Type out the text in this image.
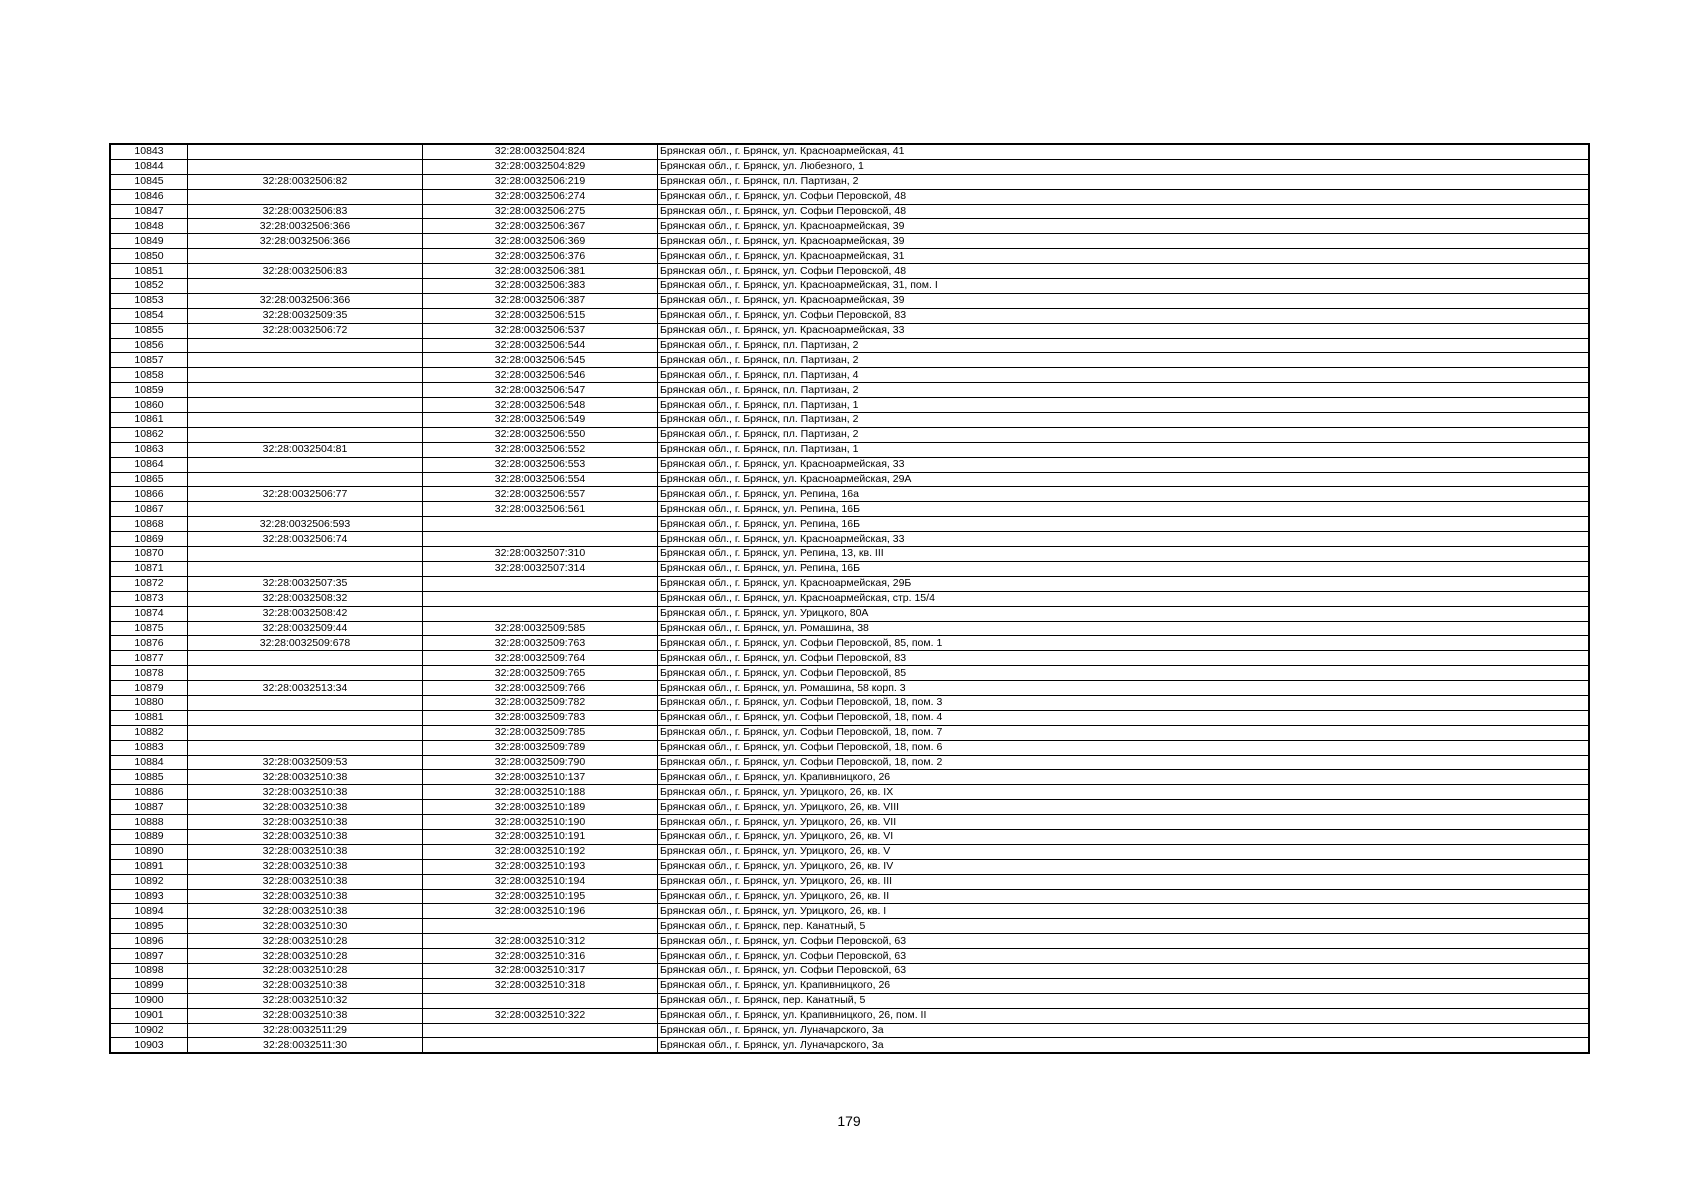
10843		32:28:0032504:824	Брянская обл., г. Брянск, ул. Красноармейская, 41
10844		32:28:0032504:829	Брянская обл., г. Брянск, ул. Любезного, 1
10845	32:28:0032506:82	32:28:0032506:219	Брянская обл., г. Брянск, пл. Партизан, 2
10846		32:28:0032506:274	Брянская обл., г. Брянск, ул. Софьи Перовской, 48
10847	32:28:0032506:83	32:28:0032506:275	Брянская обл., г. Брянск, ул. Софьи Перовской, 48
10848	32:28:0032506:366	32:28:0032506:367	Брянская обл., г. Брянск, ул. Красноармейская, 39
10849	32:28:0032506:366	32:28:0032506:369	Брянская обл., г. Брянск, ул. Красноармейская, 39
10850		32:28:0032506:376	Брянская обл., г. Брянск, ул. Красноармейская, 31
10851	32:28:0032506:83	32:28:0032506:381	Брянская обл., г. Брянск, ул. Софьи Перовской, 48
10852		32:28:0032506:383	Брянская обл., г. Брянск, ул. Красноармейская, 31, пом. I
10853	32:28:0032506:366	32:28:0032506:387	Брянская обл., г. Брянск, ул. Красноармейская, 39
10854	32:28:0032509:35	32:28:0032506:515	Брянская обл., г. Брянск, ул. Софьи Перовской, 83
10855	32:28:0032506:72	32:28:0032506:537	Брянская обл., г. Брянск, ул. Красноармейская, 33
10856		32:28:0032506:544	Брянская обл., г. Брянск, пл. Партизан, 2
10857		32:28:0032506:545	Брянская обл., г. Брянск, пл. Партизан, 2
10858		32:28:0032506:546	Брянская обл., г. Брянск, пл. Партизан, 4
10859		32:28:0032506:547	Брянская обл., г. Брянск, пл. Партизан, 2
10860		32:28:0032506:548	Брянская обл., г. Брянск, пл. Партизан, 1
10861		32:28:0032506:549	Брянская обл., г. Брянск, пл. Партизан, 2
10862		32:28:0032506:550	Брянская обл., г. Брянск, пл. Партизан, 2
10863	32:28:0032504:81	32:28:0032506:552	Брянская обл., г. Брянск, пл. Партизан, 1
10864		32:28:0032506:553	Брянская обл., г. Брянск, ул. Красноармейская, 33
10865		32:28:0032506:554	Брянская обл., г. Брянск, ул. Красноармейская, 29А
10866	32:28:0032506:77	32:28:0032506:557	Брянская обл., г. Брянск, ул. Репина, 16а
10867		32:28:0032506:561	Брянская обл., г. Брянск, ул. Репина, 16Б
10868	32:28:0032506:593		Брянская обл., г. Брянск, ул. Репина, 16Б
10869	32:28:0032506:74		Брянская обл., г. Брянск, ул. Красноармейская, 33
10870		32:28:0032507:310	Брянская обл., г. Брянск, ул. Репина, 13, кв. III
10871		32:28:0032507:314	Брянская обл., г. Брянск, ул. Репина, 16Б
10872	32:28:0032507:35		Брянская обл., г. Брянск, ул. Красноармейская, 29Б
10873	32:28:0032508:32		Брянская обл., г. Брянск, ул. Красноармейская, стр. 15/4
10874	32:28:0032508:42		Брянская обл., г. Брянск, ул. Урицкого, 80А
10875	32:28:0032509:44	32:28:0032509:585	Брянская обл., г. Брянск, ул. Ромашина, 38
10876	32:28:0032509:678	32:28:0032509:763	Брянская обл., г. Брянск, ул. Софьи Перовской, 85, пом. 1
10877		32:28:0032509:764	Брянская обл., г. Брянск, ул. Софьи Перовской, 83
10878		32:28:0032509:765	Брянская обл., г. Брянск, ул. Софьи Перовской, 85
10879	32:28:0032513:34	32:28:0032509:766	Брянская обл., г. Брянск, ул. Ромашина, 58 корп. 3
10880		32:28:0032509:782	Брянская обл., г. Брянск, ул. Софьи Перовской, 18, пом. 3
10881		32:28:0032509:783	Брянская обл., г. Брянск, ул. Софьи Перовской, 18, пом. 4
10882		32:28:0032509:785	Брянская обл., г. Брянск, ул. Софьи Перовской, 18, пом. 7
10883		32:28:0032509:789	Брянская обл., г. Брянск, ул. Софьи Перовской, 18, пом. 6
10884	32:28:0032509:53	32:28:0032509:790	Брянская обл., г. Брянск, ул. Софьи Перовской, 18, пом. 2
10885	32:28:0032510:38	32:28:0032510:137	Брянская обл., г. Брянск, ул. Крапивницкого, 26
10886	32:28:0032510:38	32:28:0032510:188	Брянская обл., г. Брянск, ул. Урицкого, 26, кв. IX
10887	32:28:0032510:38	32:28:0032510:189	Брянская обл., г. Брянск, ул. Урицкого, 26, кв. VIII
10888	32:28:0032510:38	32:28:0032510:190	Брянская обл., г. Брянск, ул. Урицкого, 26, кв. VII
10889	32:28:0032510:38	32:28:0032510:191	Брянская обл., г. Брянск, ул. Урицкого, 26, кв. VI
10890	32:28:0032510:38	32:28:0032510:192	Брянская обл., г. Брянск, ул. Урицкого, 26, кв. V
10891	32:28:0032510:38	32:28:0032510:193	Брянская обл., г. Брянск, ул. Урицкого, 26, кв. IV
10892	32:28:0032510:38	32:28:0032510:194	Брянская обл., г. Брянск, ул. Урицкого, 26, кв. III
10893	32:28:0032510:38	32:28:0032510:195	Брянская обл., г. Брянск, ул. Урицкого, 26, кв. II
10894	32:28:0032510:38	32:28:0032510:196	Брянская обл., г. Брянск, ул. Урицкого, 26, кв. I
10895	32:28:0032510:30		Брянская обл., г. Брянск, пер. Канатный, 5
10896	32:28:0032510:28	32:28:0032510:312	Брянская обл., г. Брянск, ул. Софьи Перовской, 63
10897	32:28:0032510:28	32:28:0032510:316	Брянская обл., г. Брянск, ул. Софьи Перовской, 63
10898	32:28:0032510:28	32:28:0032510:317	Брянская обл., г. Брянск, ул. Софьи Перовской, 63
10899	32:28:0032510:38	32:28:0032510:318	Брянская обл., г. Брянск, ул. Крапивницкого, 26
10900	32:28:0032510:32		Брянская обл., г. Брянск, пер. Канатный, 5
10901	32:28:0032510:38	32:28:0032510:322	Брянская обл., г. Брянск, ул. Крапивницкого, 26, пом. II
10902	32:28:0032511:29		Брянская обл., г. Брянск, ул. Луначарского, 3а
10903	32:28:0032511:30		Брянская обл., г. Брянск, ул. Луначарского, 3а
179
